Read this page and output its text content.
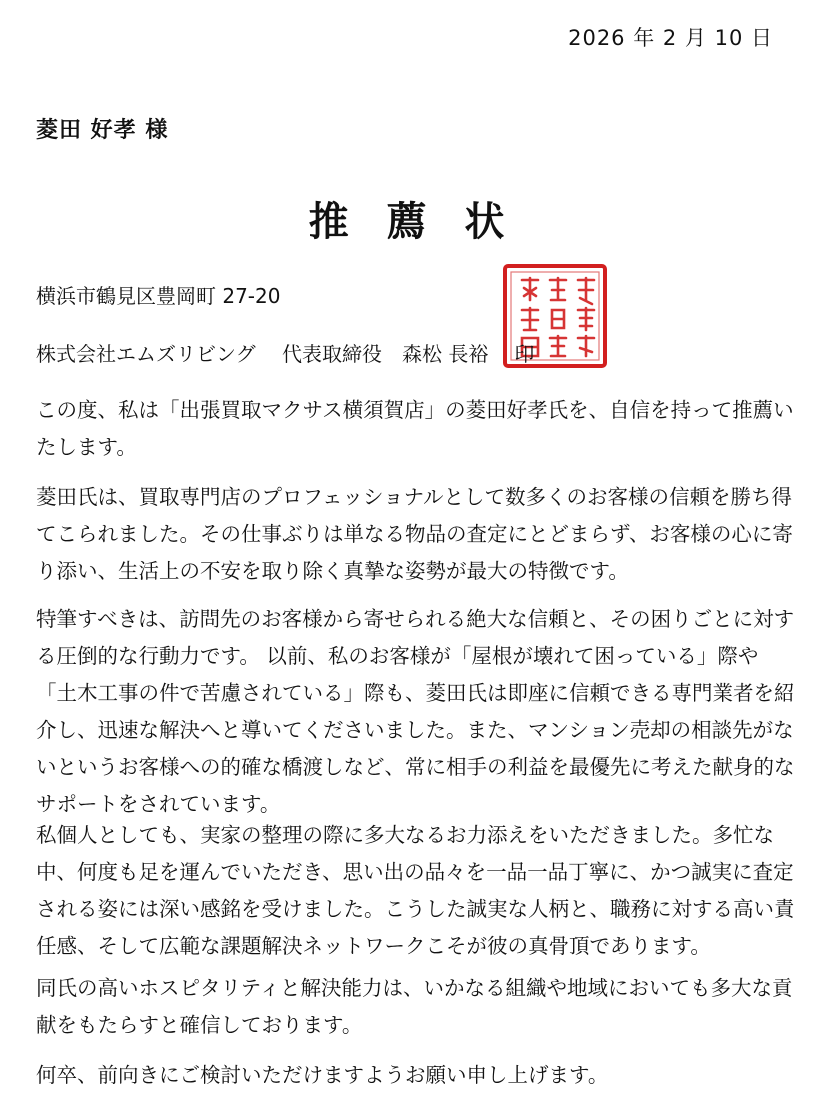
2026 年 2 月 10 日
菱田 好孝 様
推 薦 状
横浜市鶴見区豊岡町 27-20
株式会社エムズリビング　 代表取締役　森松 長裕 印

この度、私は「出張買取マクサス横須賀店」の菱田好孝氏を、自信を持って推薦いたします。

菱田氏は、買取専門店のプロフェッショナルとして数多くのお客様の信頼を勝ち得てこられました。その仕事ぶりは単なる物品の査定にとどまらず、お客様の心に寄り添い、生活上の不安を取り除く真摯な姿勢が最大の特徴です。

特筆すべきは、訪問先のお客様から寄せられる絶大な信頼と、その困りごとに対する圧倒的な行動力です。 以前、私のお客様が「屋根が壊れて困っている」際や「土木工事の件で苦慮されている」際も、菱田氏は即座に信頼できる専門業者を紹介し、迅速な解決へと導いてくださいました。また、マンション売却の相談先がないというお客様への的確な橋渡しなど、常に相手の利益を最優先に考えた献身的なサポートをされています。

私個人としても、実家の整理の際に多大なるお力添えをいただきました。多忙な中、何度も足を運んでいただき、思い出の品々を一品一品丁寧に、かつ誠実に査定される姿には深い感銘を受けました。こうした誠実な人柄と、職務に対する高い責任感、そして広範な課題解決ネットワークこそが彼の真骨頂であります。

同氏の高いホスピタリティと解決能力は、いかなる組織や地域においても多大な貢献をもたらすと確信しております。

何卒、前向きにご検討いただけますようお願い申し上げます。
